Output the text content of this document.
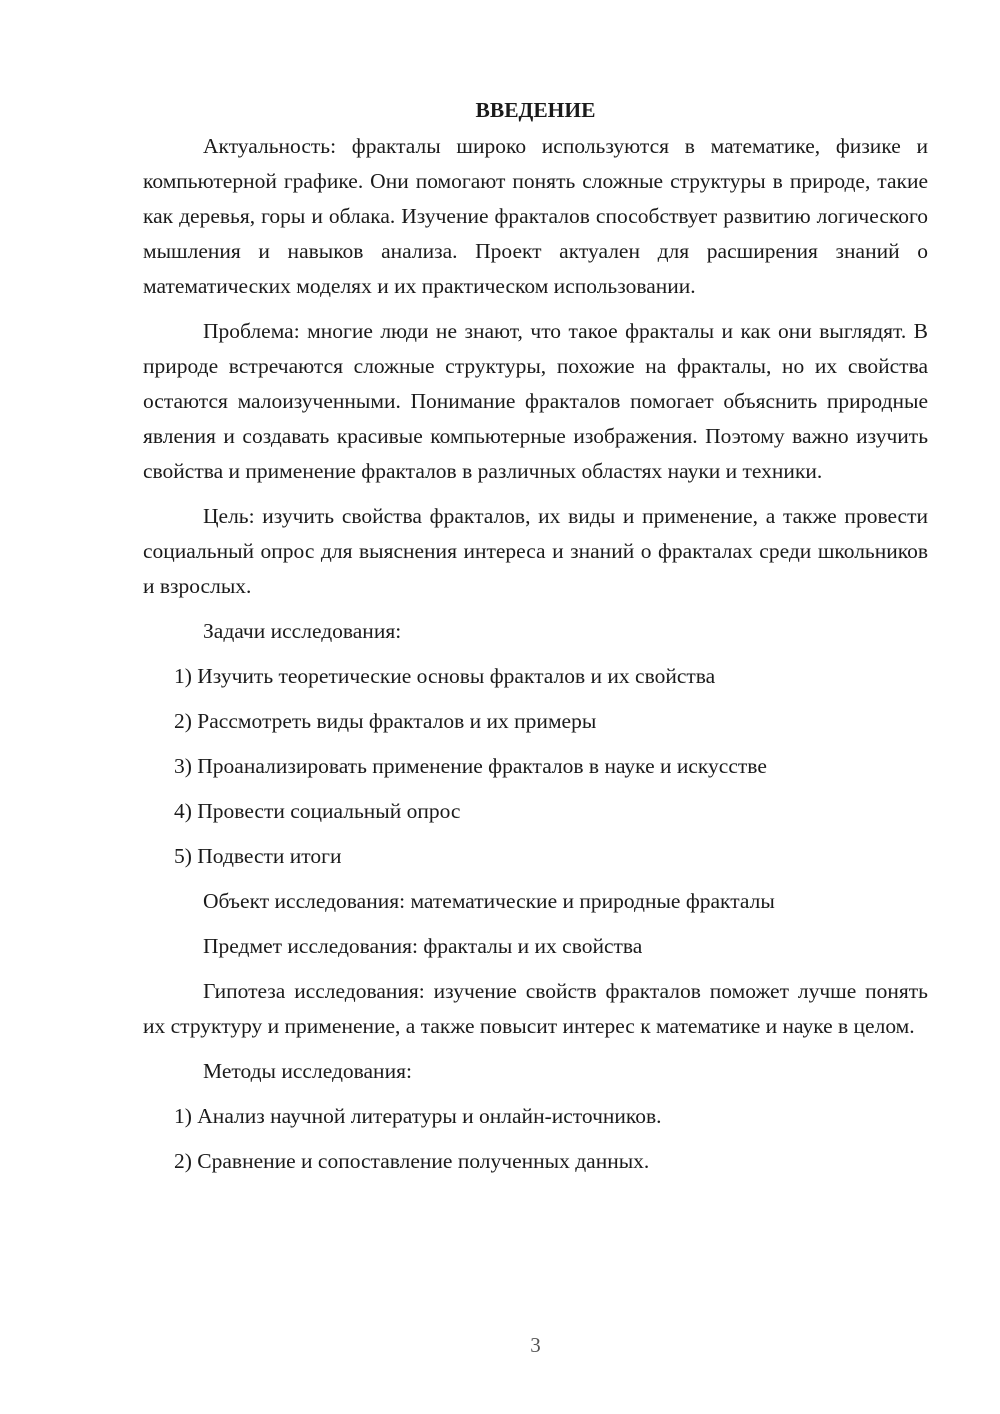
ВВЕДЕНИЕ

Актуальность: фракталы широко используются в математике, физике и компьютерной графике. Они помогают понять сложные структуры в природе, такие как деревья, горы и облака. Изучение фракталов способствует развитию логического мышления и навыков анализа. Проект актуален для расширения знаний о математических моделях и их практическом использовании.

Проблема: многие люди не знают, что такое фракталы и как они выглядят. В природе встречаются сложные структуры, похожие на фракталы, но их свойства остаются малоизученными. Понимание фракталов помогает объяснить природные явления и создавать красивые компьютерные изображения. Поэтому важно изучить свойства и применение фракталов в различных областях науки и техники.

Цель: изучить свойства фракталов, их виды и применение, а также провести социальный опрос для выяснения интереса и знаний о фракталах среди школьников и взрослых.

Задачи исследования:
1) Изучить теоретические основы фракталов и их свойства
2) Рассмотреть виды фракталов и их примеры
3) Проанализировать применение фракталов в науке и искусстве
4) Провести социальный опрос
5) Подвести итоги
Объект исследования: математические и природные фракталы
Предмет исследования: фракталы и их свойства

Гипотеза исследования: изучение свойств фракталов поможет лучше понять их структуру и применение, а также повысит интерес к математике и науке в целом.

Методы исследования:
1) Анализ научной литературы и онлайн-источников.
2) Сравнение и сопоставление полученных данных.
3
